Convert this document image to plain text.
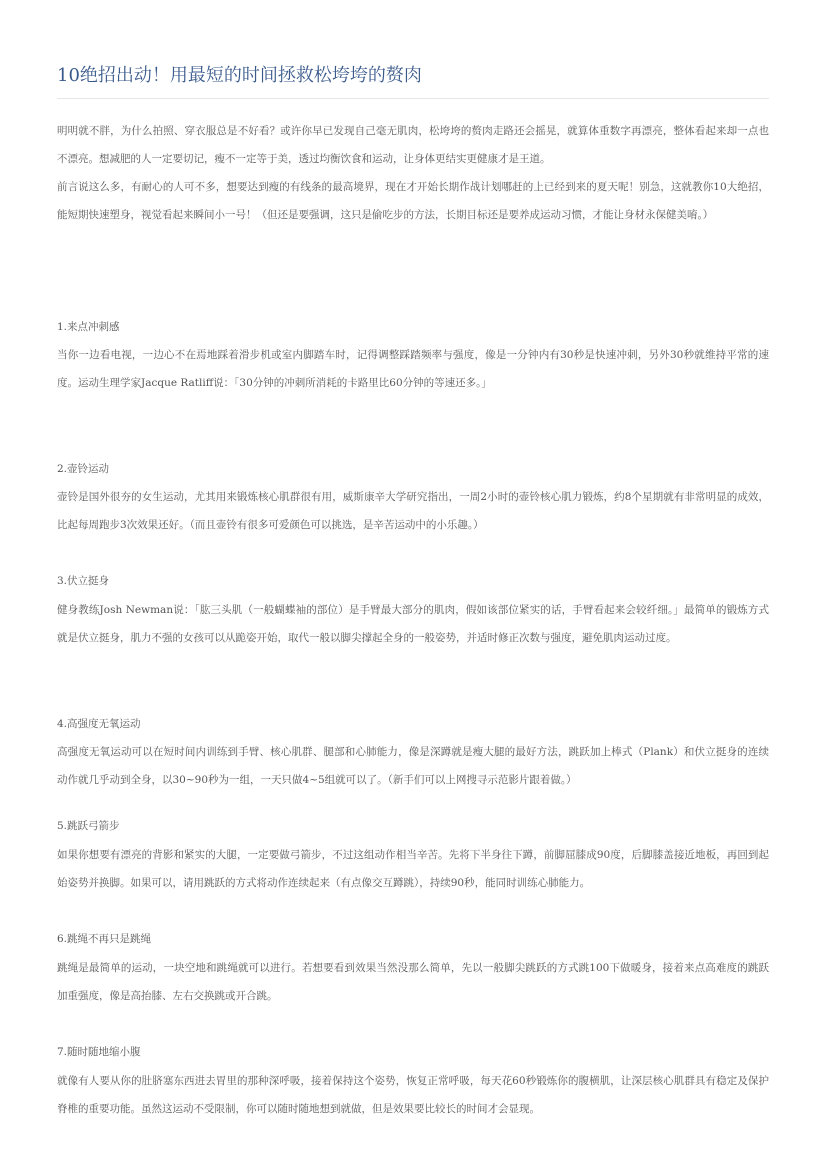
10绝招出动！用最短的时间拯救松垮垮的赘肉

明明就不胖，为什么拍照、穿衣服总是不好看？或许你早已发现自己毫无肌肉，松垮垮的赘肉走路还会摇晃，就算体重数字再漂亮，整体看起来却一点也不漂亮。想减肥的人一定要切记，瘦不一定等于美，透过均衡饮食和运动，让身体更结实更健康才是王道。

前言说这么多，有耐心的人可不多，想要达到瘦的有线条的最高境界，现在才开始长期作战计划哪赶的上已经到来的夏天呢！别急，这就教你10大绝招，能短期快速塑身，视觉看起来瞬间小一号！（但还是要强调，这只是偷吃步的方法，长期目标还是要养成运动习惯，才能让身材永保健美唷。）

1.来点冲刺感

当你一边看电视，一边心不在焉地踩着滑步机或室内脚踏车时，记得调整踩踏频率与强度，像是一分钟内有30秒是快速冲刺，另外30秒就维持平常的速度。运动生理学家Jacque Ratliff说：「30分钟的冲刺所消耗的卡路里比60分钟的等速还多。」

2.壶铃运动

壶铃是国外很夯的女生运动，尤其用来锻炼核心肌群很有用，威斯康辛大学研究指出，一周2小时的壶铃核心肌力锻炼，约8个星期就有非常明显的成效，比起每周跑步3次效果还好。（而且壶铃有很多可爱颜色可以挑选，是辛苦运动中的小乐趣。）

3.伏立挺身

健身教练Josh Newman说：「肱三头肌（一般蝴蝶袖的部位）是手臂最大部分的肌肉，假如该部位紧实的话，手臂看起来会较纤细。」最简单的锻炼方式就是伏立挺身，肌力不强的女孩可以从跪姿开始，取代一般以脚尖撑起全身的一般姿势，并适时修正次数与强度，避免肌肉运动过度。

4.高强度无氧运动

高强度无氧运动可以在短时间内训练到手臂、核心肌群、腿部和心肺能力，像是深蹲就是瘦大腿的最好方法，跳跃加上棒式（Plank）和伏立挺身的连续动作就几乎动到全身，以30~90秒为一组，一天只做4~5组就可以了。（新手们可以上网搜寻示范影片跟着做。）

5.跳跃弓箭步

如果你想要有漂亮的背影和紧实的大腿，一定要做弓箭步，不过这组动作相当辛苦。先将下半身往下蹲，前脚屈膝成90度，后脚膝盖接近地板，再回到起始姿势并换脚。如果可以，请用跳跃的方式将动作连续起来（有点像交互蹲跳），持续90秒，能同时训练心肺能力。

6.跳绳不再只是跳绳

跳绳是最简单的运动，一块空地和跳绳就可以进行。若想要看到效果当然没那么简单，先以一般脚尖跳跃的方式跳100下做暖身，接着来点高难度的跳跃加重强度，像是高抬膝、左右交换跳或开合跳。

7.随时随地缩小腹

就像有人要从你的肚脐塞东西进去胃里的那种深呼吸，接着保持这个姿势，恢复正常呼吸，每天花60秒锻炼你的腹横肌，让深层核心肌群具有稳定及保护脊椎的重要功能。虽然这运动不受限制，你可以随时随地想到就做，但是效果要比较长的时间才会显现。
